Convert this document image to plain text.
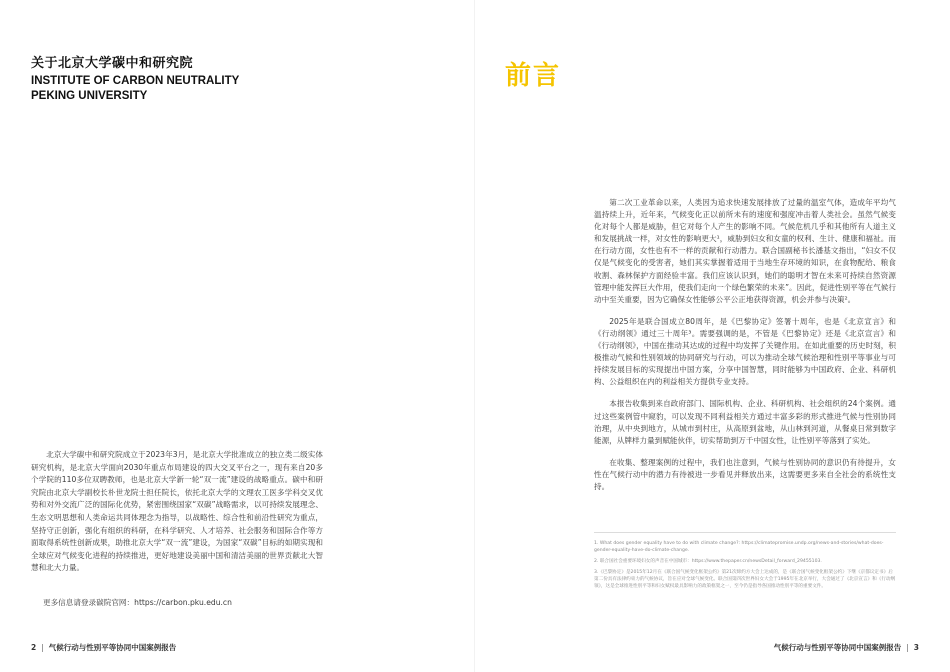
关于北京大学碳中和研究院
INSTITUTE OF CARBON NEUTRALITY
PEKING UNIVERSITY

北京大学碳中和研究院成立于2023年3月，是北京大学批准成立的独立类二级实体研究机构，是北京大学面向2030年重点布局建设的四大交叉平台之一，现有来自20多个学院的110多位双聘教师，也是北京大学新一轮“双一流”建设的战略重点。碳中和研究院由北京大学副校长朴世龙院士担任院长，依托北京大学的文理农工医多学科交叉优势和对外交流广泛的国际化优势，紧密围绕国家“双碳”战略需求，以可持续发展理念、生态文明思想和人类命运共同体理念为指导，以战略性、综合性和前沿性研究为重点，坚持守正创新，强化有组织的科研，在科学研究、人才培养、社会服务和国际合作等方面取得系统性创新成果，助推北京大学“双一流”建设，为国家“双碳”目标的如期实现和全球应对气候变化进程的持续推进，更好地建设美丽中国和清洁美丽的世界贡献北大智慧和北大力量。

更多信息请登录碳院官网：https://carbon.pku.edu.cn

2 | 气候行动与性别平等协同中国案例报告
前言

第二次工业革命以来，人类因为追求快速发展排放了过量的温室气体，造成年平均气温持续上升，近年来，气候变化正以前所未有的速度和强度冲击着人类社会。虽然气候变化对每个人都是威胁，但它对每个人产生的影响不同。气候危机几乎和其他所有人道主义和发展挑战一样，对女性的影响更大¹，威胁到妇女和女童的权利、生计、健康和福祉。而在行动方面，女性也有不一样的贡献和行动潜力。联合国副秘书长潘基文指出，“妇女不仅仅是气候变化的受害者，她们其实掌握着适用于当地生存环境的知识，在食物配给、粮食收割、森林保护方面经验丰富。我们应该认识到，她们的聪明才智在未来可持续自然资源管理中能发挥巨大作用，使我们走向一个绿色繁荣的未来”。因此，促进性别平等在气候行动中至关重要，因为它确保女性能够公平公正地获得资源，机会并参与决策²。

2025年是联合国成立80周年，是《巴黎协定》签署十周年，也是《北京宣言》和《行动纲领》通过三十周年³。需要强调的是，不管是《巴黎协定》还是《北京宣言》和《行动纲领》，中国在推动其达成的过程中均发挥了关键作用。在如此重要的历史时刻，积极推动气候和性别领域的协同研究与行动，可以为推动全球气候治理和性别平等事业与可持续发展目标的实现提出中国方案，分享中国智慧，同时能够为中国政府、企业、科研机构、公益组织在内的利益相关方提供专业支持。

本报告收集到来自政府部门、国际机构、企业、科研机构、社会组织的24个案例。通过这些案例管中窥豹，可以发现不同利益相关方通过丰富多彩的形式推进气候与性别协同治理，从中央到地方，从城市到村庄，从高原到盆地，从山林到河道，从餐桌日常到数字能源，从牌样力量到赋能伙伴，切实帮助到万千中国女性，让性别平等落到了实处。

在收集、整理案例的过程中，我们也注意到，气候与性别协同的意识仍有待提升，女性在气候行动中的潜力有待被进一步看见并释放出来，这需要更多来自全社会的系统性支持。

1. What does gender equality have to do with climate change?: https://climatepromise.undp.org/news-and-stories/what-does-gender-equality-have-do-climate-change.
2. 联合国社会重要环境妇女的声音在中国城市：https://www.thepaper.cn/newsDetail_forward_29455103.
3.《巴黎协定》是2015年12月在《联合国气候变化框架公约》第21次缔约方大会上达成的，是《联合国气候变化框架公约》下继《京都议定书》后第二份具有法律约束力的气候协议，旨在应对全球气候变化。联合国第四次世界妇女大会于1995年在北京举行，大会通过了《北京宣言》和《行动纲领》，这是全球推进性别平等和妇女赋权最具影响力的政策框架之一，至今仍是指导各国推动性别平等的重要文件。
气候行动与性别平等协同中国案例报告 | 3
